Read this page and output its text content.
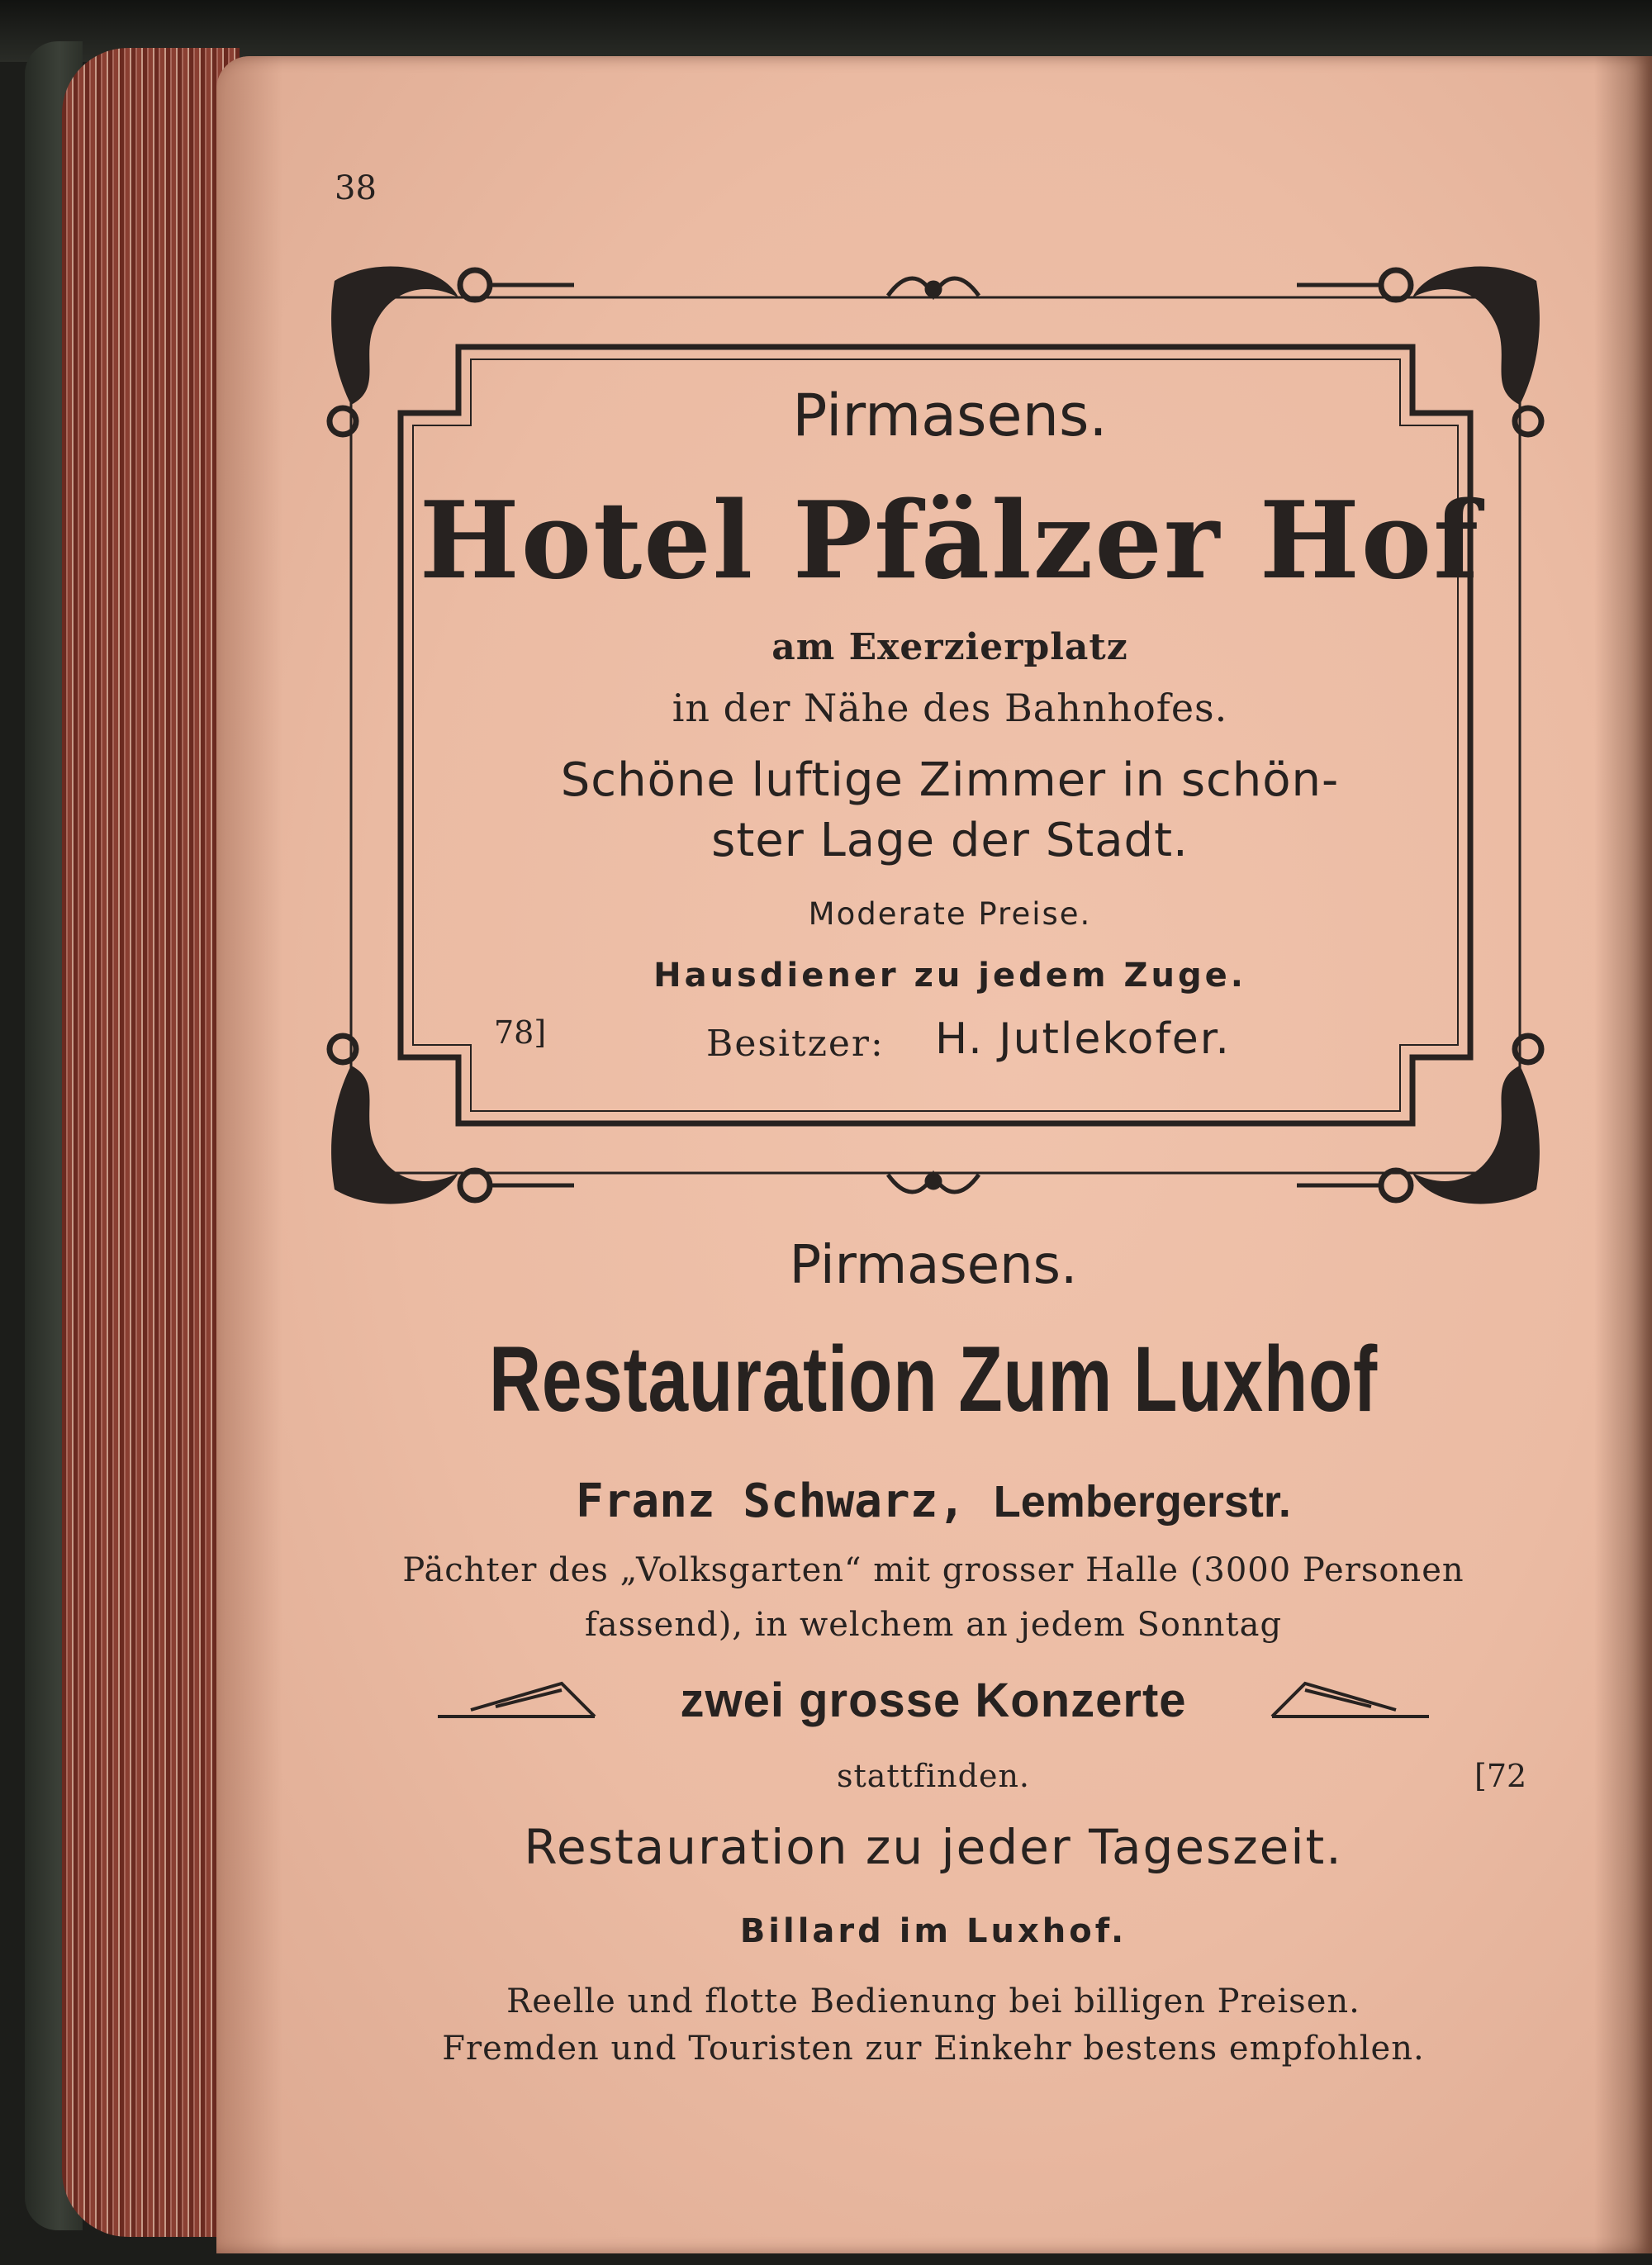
38
Pirmasens.
Hotel Pfälzer Hof
am Exerzierplatz
in der Nähe des Bahnhofes.
Schöne luftige Zimmer in schön-
ster Lage der Stadt.
Moderate Preise.
Hausdiener zu jedem Zuge.
78]	Besitzer: H. Jutlekofer.
Pirmasens.
Restauration Zum Luxhof
Franz Schwarz, Lembergerstr.
Pächter des „Volksgarten“ mit grosser Halle (3000 Personen
fassend), in welchem an jedem Sonntag
zwei grosse Konzerte
stattfinden.	[72
Restauration zu jeder Tageszeit.
Billard im Luxhof.
Reelle und flotte Bedienung bei billigen Preisen.
Fremden und Touristen zur Einkehr bestens empfohlen.
